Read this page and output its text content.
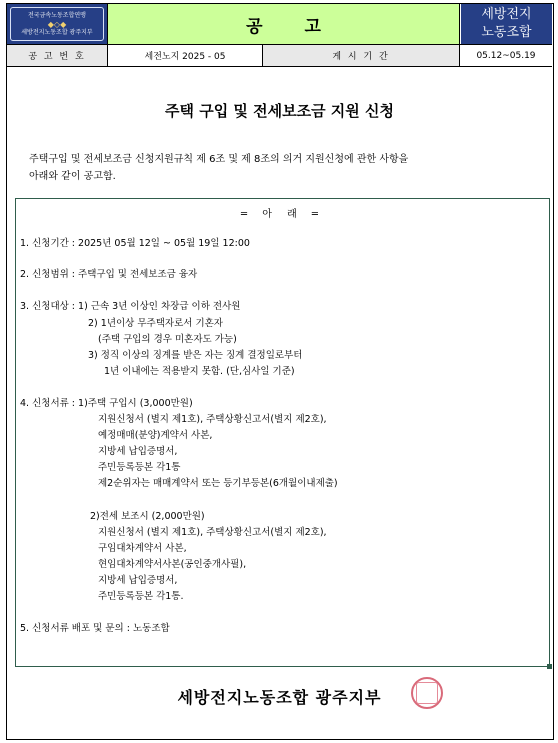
전국금속노동조합연맹
◆◇◆
세방전지노동조합 광주지부	공 고
세방전지
노동조합
공 고 번 호	세전노지 2025 - 05	게 시 기 간	05.12~05.19
주택 구입 및 전세보조금 지원 신청
주택구입 및 전세보조금 신청지원규칙 제 6조 및 제 8조의 의거 지원신청에 관한 사항을
아래와 같이 공고함.
═ 아 래 ═
1. 신청기간 : 2025년 05월 12일 ~ 05월 19일 12:00
2. 신청범위 : 주택구입 및 전세보조금 융자
3. 신청대상 : 1) 근속 3년 이상인 차장급 이하 전사원
2) 1년이상 무주택자로서 기혼자
(주택 구입의 경우 미혼자도 가능)
3) 정직 이상의 징계를 받은 자는 징계 결정일로부터
1년 이내에는 적용받지 못함. (단,심사일 기준)
4. 신청서류 : 1)주택 구입시 (3,000만원)
지원신청서 (별지 제1호), 주택상황신고서(별지 제2호),
예정매매(분양)계약서 사본,
지방세 납입증명서,
주민등록등본 각1통
제2순위자는 매매계약서 또는 등기부등본(6개월이내제출)
2)전세 보조시 (2,000만원)
지원신청서 (별지 제1호), 주택상황신고서(별지 제2호),
구임대차계약서 사본,
현임대차계약서사본(공인중개사필),
지방세 납입증명서,
주민등록등본 각1통.
5. 신청서류 배포 및 문의 : 노동조합
세방전지노동조합 광주지부
